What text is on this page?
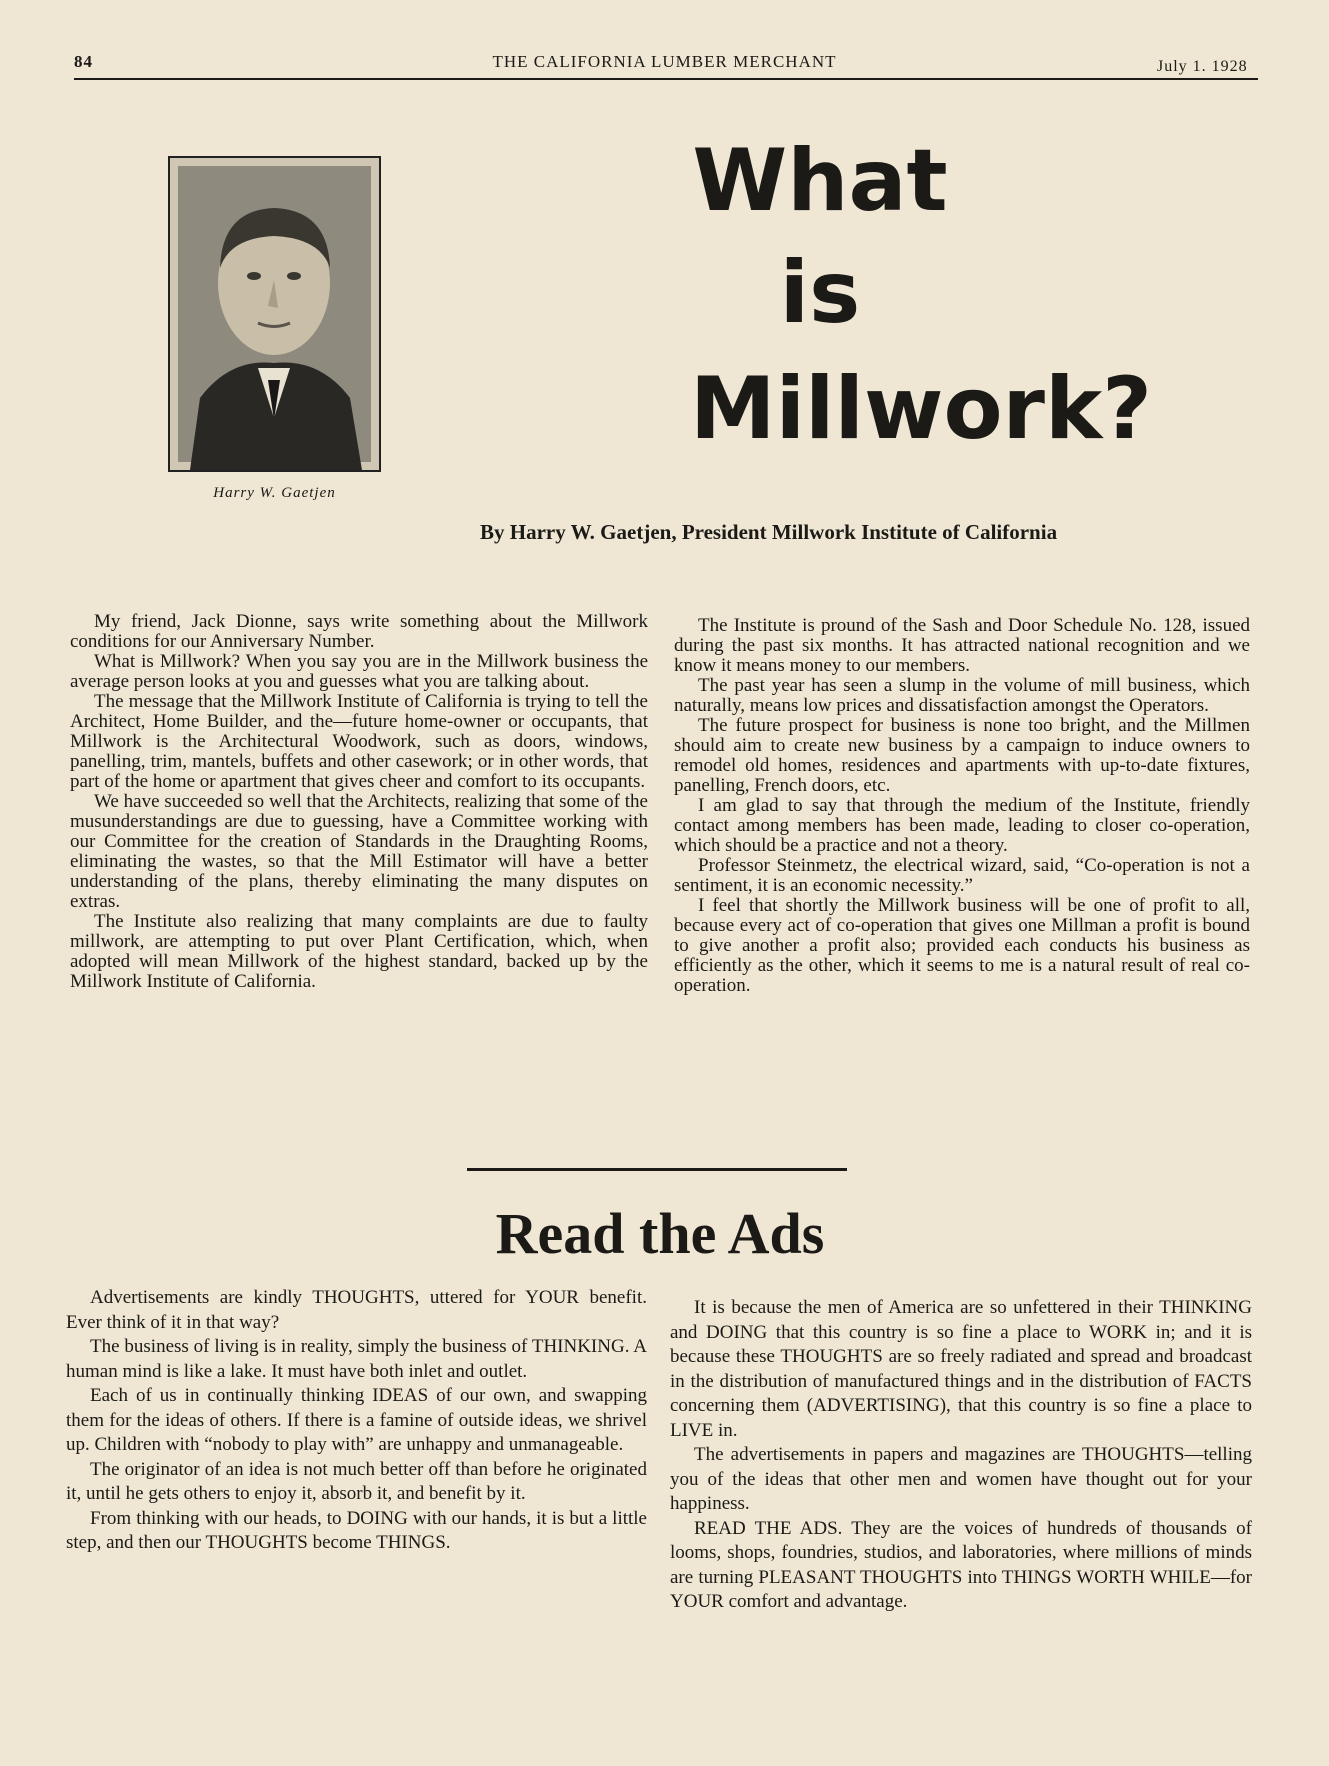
84	THE CALIFORNIA LUMBER MERCHANT	July 1. 1928
Harry W. Gaetjen
What
is
Millwork?
By Harry W. Gaetjen, President Millwork Institute of California

My friend, Jack Dionne, says write something about the Millwork conditions for our Anniversary Number.

What is Millwork? When you say you are in the Millwork business the average person looks at you and guesses what you are talking about.

The message that the Millwork Institute of California is trying to tell the Architect, Home Builder, and the—future home-owner or occupants, that Millwork is the Architectural Woodwork, such as doors, windows, panelling, trim, mantels, buffets and other casework; or in other words, that part of the home or apartment that gives cheer and comfort to its occupants.

We have succeeded so well that the Architects, realizing that some of the musunderstandings are due to guessing, have a Committee working with our Committee for the creation of Standards in the Draughting Rooms, eliminating the wastes, so that the Mill Estimator will have a better understanding of the plans, thereby eliminating the many disputes on extras.

The Institute also realizing that many complaints are due to faulty millwork, are attempting to put over Plant Certification, which, when adopted will mean Millwork of the highest standard, backed up by the Millwork Institute of California.

The Institute is pround of the Sash and Door Schedule No. 128, issued during the past six months. It has attracted national recognition and we know it means money to our members.

The past year has seen a slump in the volume of mill business, which naturally, means low prices and dissatisfaction amongst the Operators.

The future prospect for business is none too bright, and the Millmen should aim to create new business by a campaign to induce owners to remodel old homes, residences and apartments with up-to-date fixtures, panelling, French doors, etc.

I am glad to say that through the medium of the Institute, friendly contact among members has been made, leading to closer co-operation, which should be a practice and not a theory.

Professor Steinmetz, the electrical wizard, said, “Co-operation is not a sentiment, it is an economic necessity.”

I feel that shortly the Millwork business will be one of profit to all, because every act of co-operation that gives one Millman a profit is bound to give another a profit also; provided each conducts his business as efficiently as the other, which it seems to me is a natural result of real co-operation.

Read the Ads

Advertisements are kindly THOUGHTS, uttered for YOUR benefit. Ever think of it in that way?

The business of living is in reality, simply the business of THINKING. A human mind is like a lake. It must have both inlet and outlet.

Each of us in continually thinking IDEAS of our own, and swapping them for the ideas of others. If there is a famine of outside ideas, we shrivel up. Children with “nobody to play with” are unhappy and unmanageable.

The originator of an idea is not much better off than before he originated it, until he gets others to enjoy it, absorb it, and benefit by it.

From thinking with our heads, to DOING with our hands, it is but a little step, and then our THOUGHTS become THINGS.

It is because the men of America are so unfettered in their THINKING and DOING that this country is so fine a place to WORK in; and it is because these THOUGHTS are so freely radiated and spread and broadcast in the distribution of manufactured things and in the distribution of FACTS concerning them (ADVERTISING), that this country is so fine a place to LIVE in.

The advertisements in papers and magazines are THOUGHTS—telling you of the ideas that other men and women have thought out for your happiness.

READ THE ADS. They are the voices of hundreds of thousands of looms, shops, foundries, studios, and laboratories, where millions of minds are turning PLEASANT THOUGHTS into THINGS WORTH WHILE—for YOUR comfort and advantage.
